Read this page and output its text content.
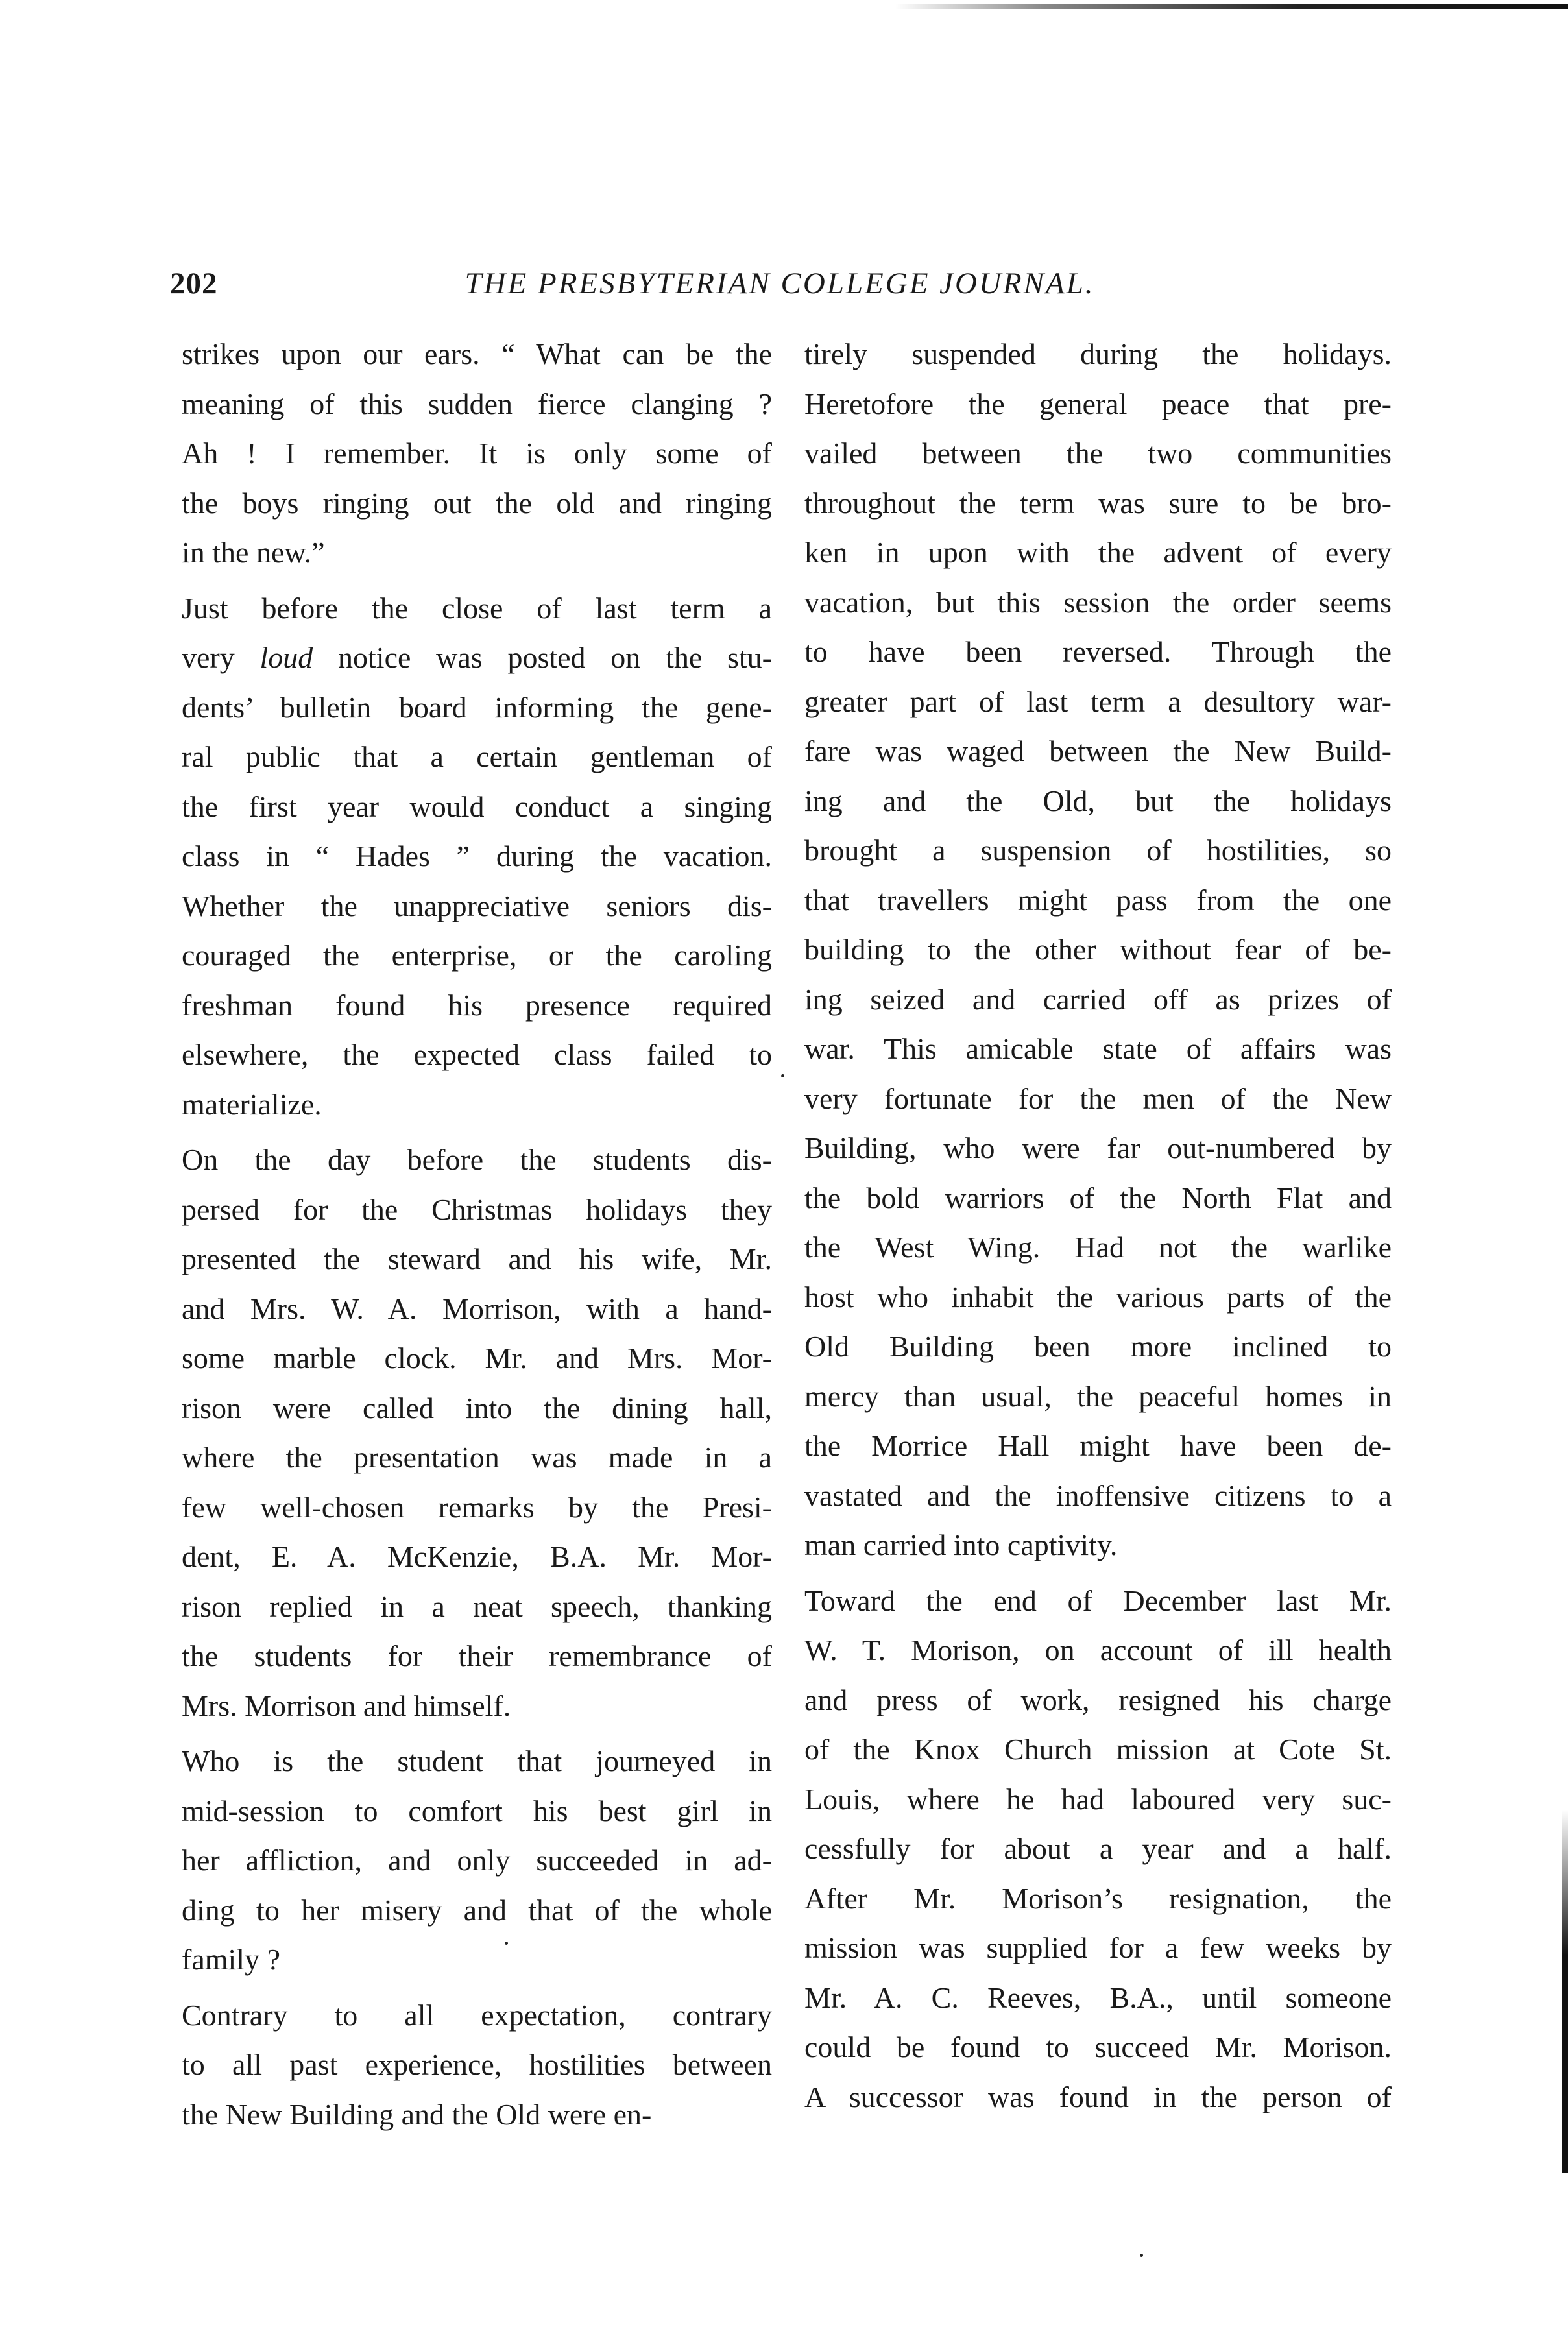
202	THE PRESBYTERIAN COLLEGE JOURNAL.
strikes upon our ears. “ What can be the
meaning of this sudden fierce clanging ?
Ah ! I remember. It is only some of
the boys ringing out the old and ringing
in the new.”
Just before the close of last term a
very loud notice was posted on the stu-
dents’ bulletin board informing the gene-
ral public that a certain gentleman of
the first year would conduct a singing
class in “ Hades ” during the vacation.
Whether the unappreciative seniors dis-
couraged the enterprise, or the caroling
freshman found his presence required
elsewhere, the expected class failed to
materialize.
On the day before the students dis-
persed for the Christmas holidays they
presented the steward and his wife, Mr.
and Mrs. W. A. Morrison, with a hand-
some marble clock. Mr. and Mrs. Mor-
rison were called into the dining hall,
where the presentation was made in a
few well-chosen remarks by the Presi-
dent, E. A. McKenzie, B.A. Mr. Mor-
rison replied in a neat speech, thanking
the students for their remembrance of
Mrs. Morrison and himself.
Who is the student that journeyed in
mid-session to comfort his best girl in
her affliction, and only succeeded in ad-
ding to her misery and that of the whole
family ?
Contrary to all expectation, contrary
to all past experience, hostilities between
the New Building and the Old were en-
tirely suspended during the holidays.
Heretofore the general peace that pre-
vailed between the two communities
throughout the term was sure to be bro-
ken in upon with the advent of every
vacation, but this session the order seems
to have been reversed. Through the
greater part of last term a desultory war-
fare was waged between the New Build-
ing and the Old, but the holidays
brought a suspension of hostilities, so
that travellers might pass from the one
building to the other without fear of be-
ing seized and carried off as prizes of
war. This amicable state of affairs was
very fortunate for the men of the New
Building, who were far out-numbered by
the bold warriors of the North Flat and
the West Wing. Had not the warlike
host who inhabit the various parts of the
Old Building been more inclined to
mercy than usual, the peaceful homes in
the Morrice Hall might have been de-
vastated and the inoffensive citizens to a
man carried into captivity.
Toward the end of December last Mr.
W. T. Morison, on account of ill health
and press of work, resigned his charge
of the Knox Church mission at Cote St.
Louis, where he had laboured very suc-
cessfully for about a year and a half.
After Mr. Morison’s resignation, the
mission was supplied for a few weeks by
Mr. A. C. Reeves, B.A., until someone
could be found to succeed Mr. Morison.
A successor was found in the person of
